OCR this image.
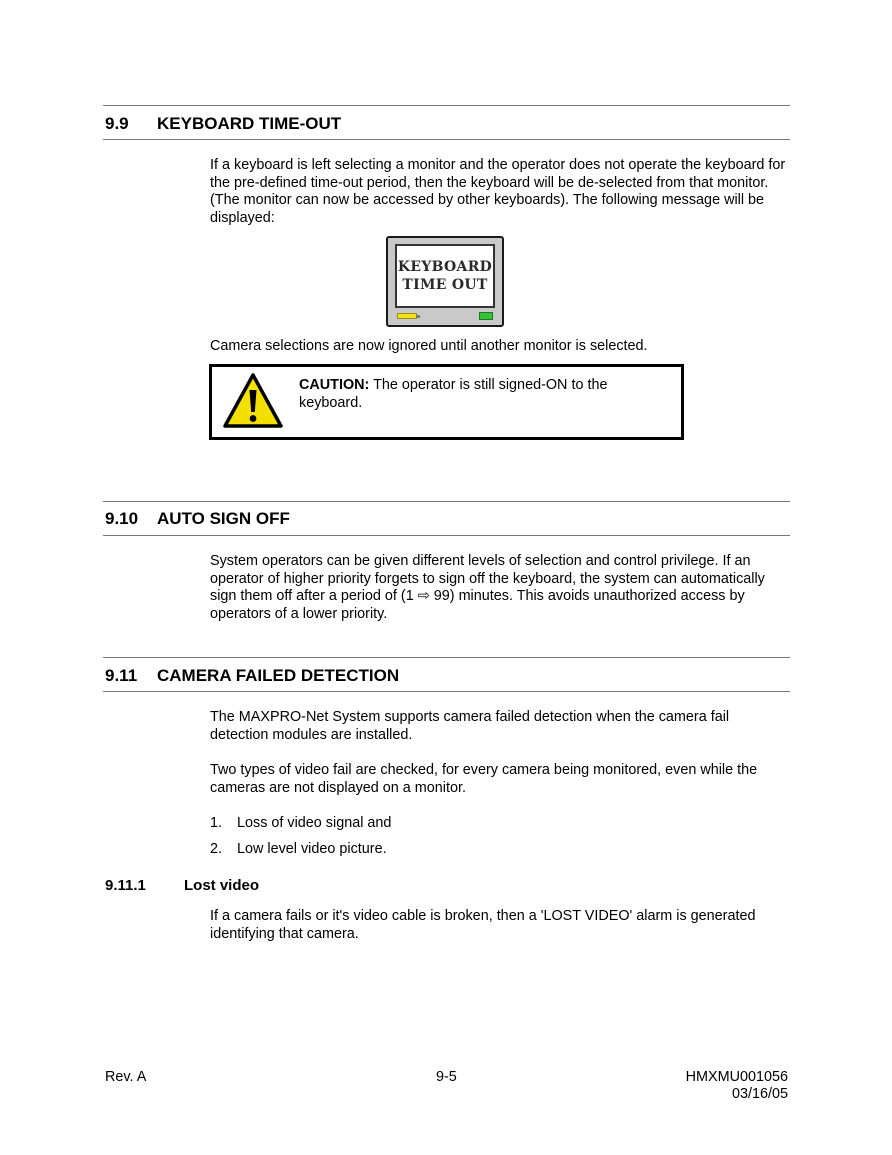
9.9 KEYBOARD TIME-OUT

If a keyboard is left selecting a monitor and the operator does not operate the keyboard for the pre-defined time-out period, then the keyboard will be de-selected from that monitor. (The monitor can now be accessed by other keyboards). The following message will be displayed:

KEYBOARD
TIME OUT

Camera selections are now ignored until another monitor is selected.

CAUTION: The operator is still signed-ON to the keyboard.

9.10 AUTO SIGN OFF

System operators can be given different levels of selection and control privilege. If an operator of higher priority forgets to sign off the keyboard, the system can automatically sign them off after a period of (1 ⇨ 99) minutes. This avoids unauthorized access by operators of a lower priority.

9.11 CAMERA FAILED DETECTION

The MAXPRO-Net System supports camera failed detection when the camera fail detection modules are installed.

Two types of video fail are checked, for every camera being monitored, even while the cameras are not displayed on a monitor.

1. Loss of video signal and
2. Low level video picture.
9.11.1	Lost video

If a camera fails or it's video cable is broken, then a 'LOST VIDEO' alarm is generated identifying that camera.

Rev. A	9-5	HMXMU001056
03/16/05
